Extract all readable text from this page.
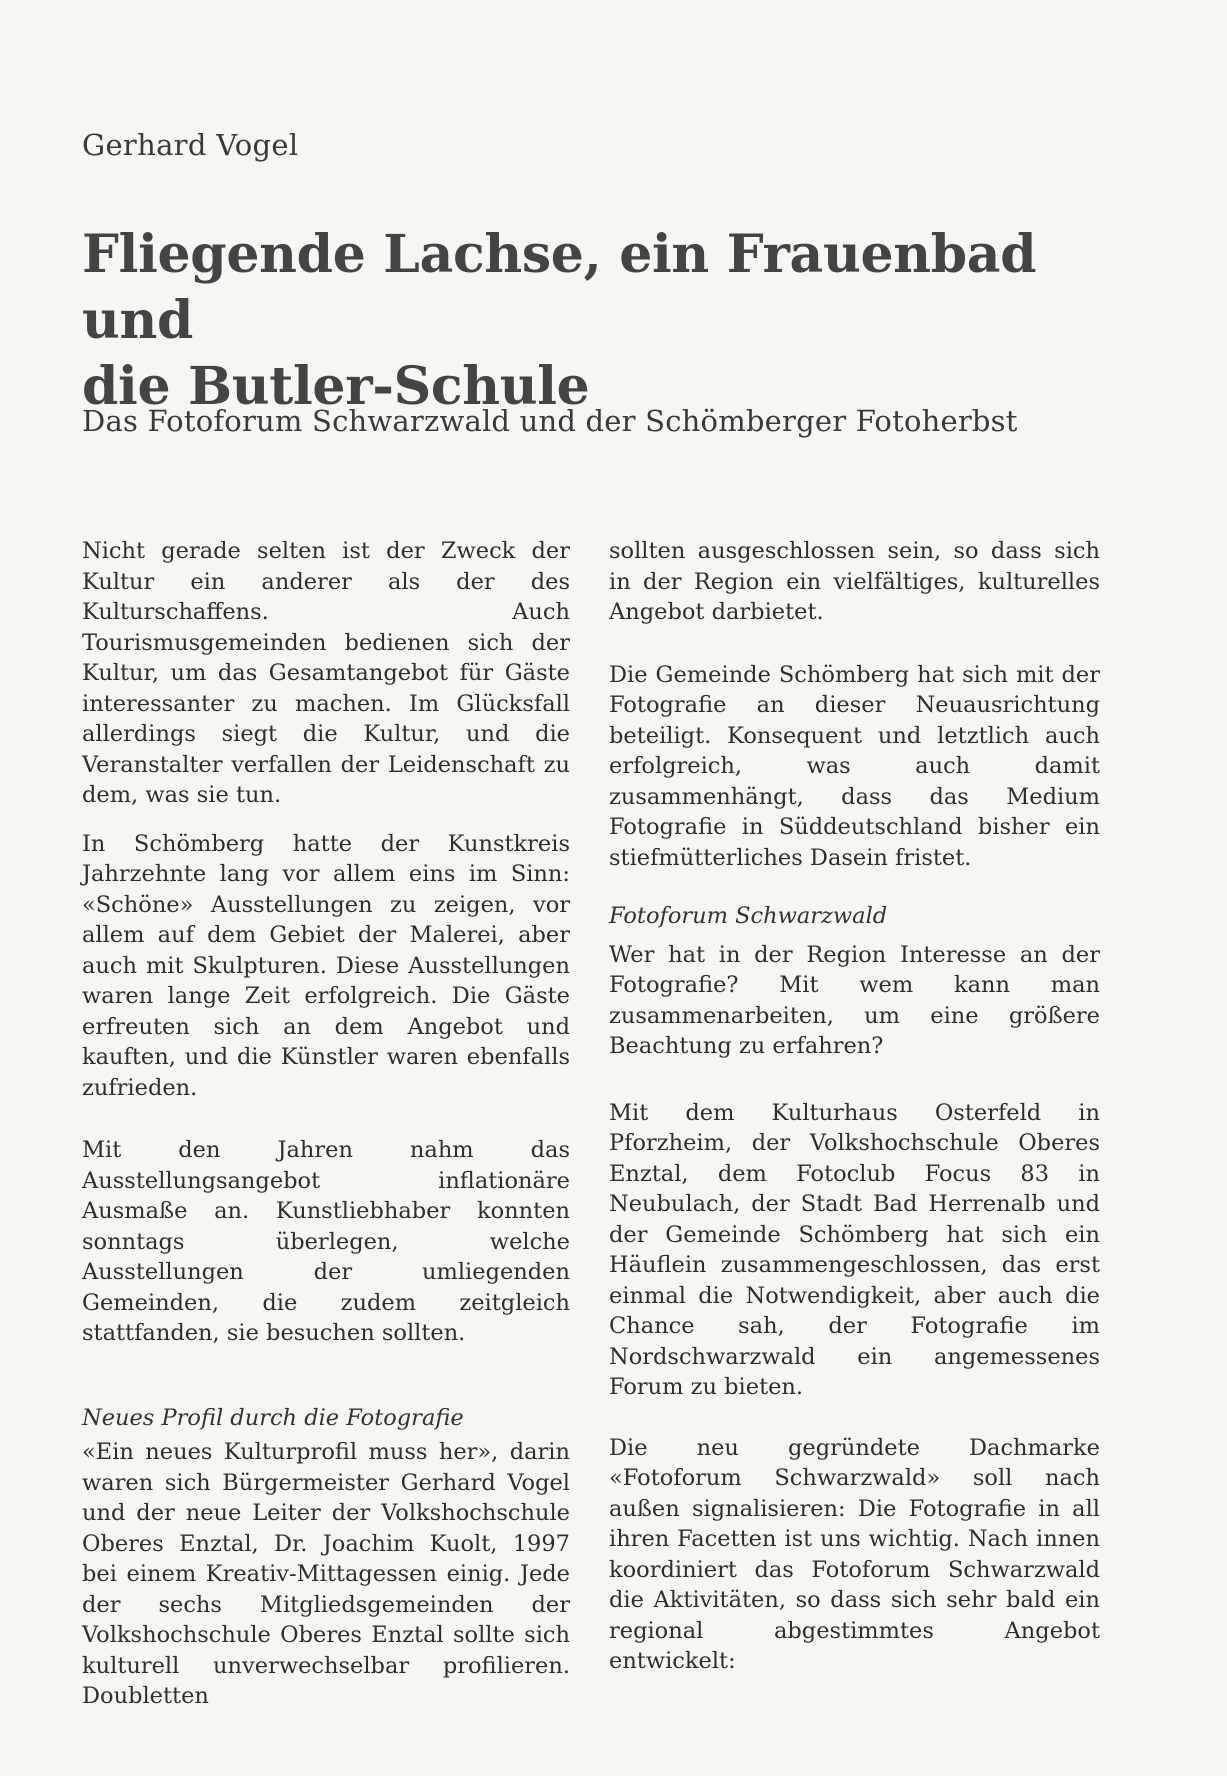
Gerhard Vogel
Fliegende Lachse, ein Frauenbad und
die Butler-Schule
Das Fotoforum Schwarzwald und der Schömberger Fotoherbst

Nicht gerade selten ist der Zweck der Kultur ein anderer als der des Kulturschaffens. Auch Tourismusgemeinden bedienen sich der Kultur, um das Gesamtangebot für Gäste interessanter zu machen. Im Glücksfall allerdings siegt die Kultur, und die Veranstalter verfallen der Leidenschaft zu dem, was sie tun.

In Schömberg hatte der Kunstkreis Jahrzehnte lang vor allem eins im Sinn: «Schöne» Ausstellungen zu zeigen, vor allem auf dem Gebiet der Malerei, aber auch mit Skulpturen. Diese Ausstellungen waren lange Zeit erfolgreich. Die Gäste erfreuten sich an dem Angebot und kauften, und die Künstler waren ebenfalls zufrieden.

Mit den Jahren nahm das Ausstellungsangebot inflationäre Ausmaße an. Kunstliebhaber konnten sonntags überlegen, welche Ausstellungen der umliegenden Gemeinden, die zudem zeitgleich stattfanden, sie besuchen sollten.

Neues Profil durch die Fotografie

«Ein neues Kulturprofil muss her», darin waren sich Bürgermeister Gerhard Vogel und der neue Leiter der Volkshochschule Oberes Enztal, Dr. Joachim Kuolt, 1997 bei einem Kreativ-Mittagessen einig. Jede der sechs Mitgliedsgemeinden der Volkshochschule Oberes Enztal sollte sich kulturell unverwechselbar profilieren. Doubletten

sollten ausgeschlossen sein, so dass sich in der Region ein vielfältiges, kulturelles Angebot darbietet.

Die Gemeinde Schömberg hat sich mit der Fotografie an dieser Neuausrichtung beteiligt. Konsequent und letztlich auch erfolgreich, was auch damit zusammenhängt, dass das Medium Fotografie in Süddeutschland bisher ein stiefmütterliches Dasein fristet.

Fotoforum Schwarzwald

Wer hat in der Region Interesse an der Fotografie? Mit wem kann man zusammenarbeiten, um eine größere Beachtung zu erfahren?

Mit dem Kulturhaus Osterfeld in Pforzheim, der Volkshochschule Oberes Enztal, dem Fotoclub Focus 83 in Neubulach, der Stadt Bad Herrenalb und der Gemeinde Schömberg hat sich ein Häuflein zusammengeschlossen, das erst einmal die Notwendigkeit, aber auch die Chance sah, der Fotografie im Nordschwarzwald ein angemessenes Forum zu bieten.

Die neu gegründete Dachmarke «Fotoforum Schwarzwald» soll nach außen signalisieren: Die Fotografie in all ihren Facetten ist uns wichtig. Nach innen koordiniert das Fotoforum Schwarzwald die Aktivitäten, so dass sich sehr bald ein regional abgestimmtes Angebot entwickelt:
